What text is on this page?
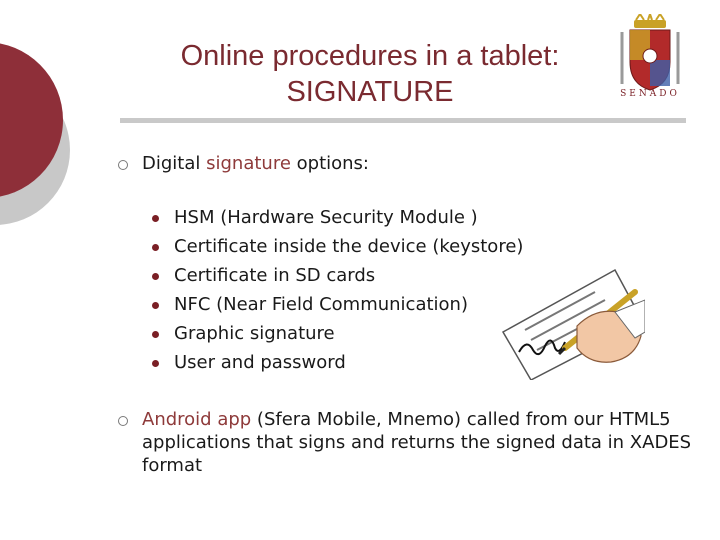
Online procedures in a tablet:
SIGNATURE	SENADO
Digital signature options:
HSM (Hardware Security Module )
Certificate inside the device (keystore)
Certificate in SD cards
NFC (Near Field Communication)
Graphic signature
User and password
Android app (Sfera Mobile, Mnemo) called from our HTML5 applications that signs and returns the signed data in XADES format
